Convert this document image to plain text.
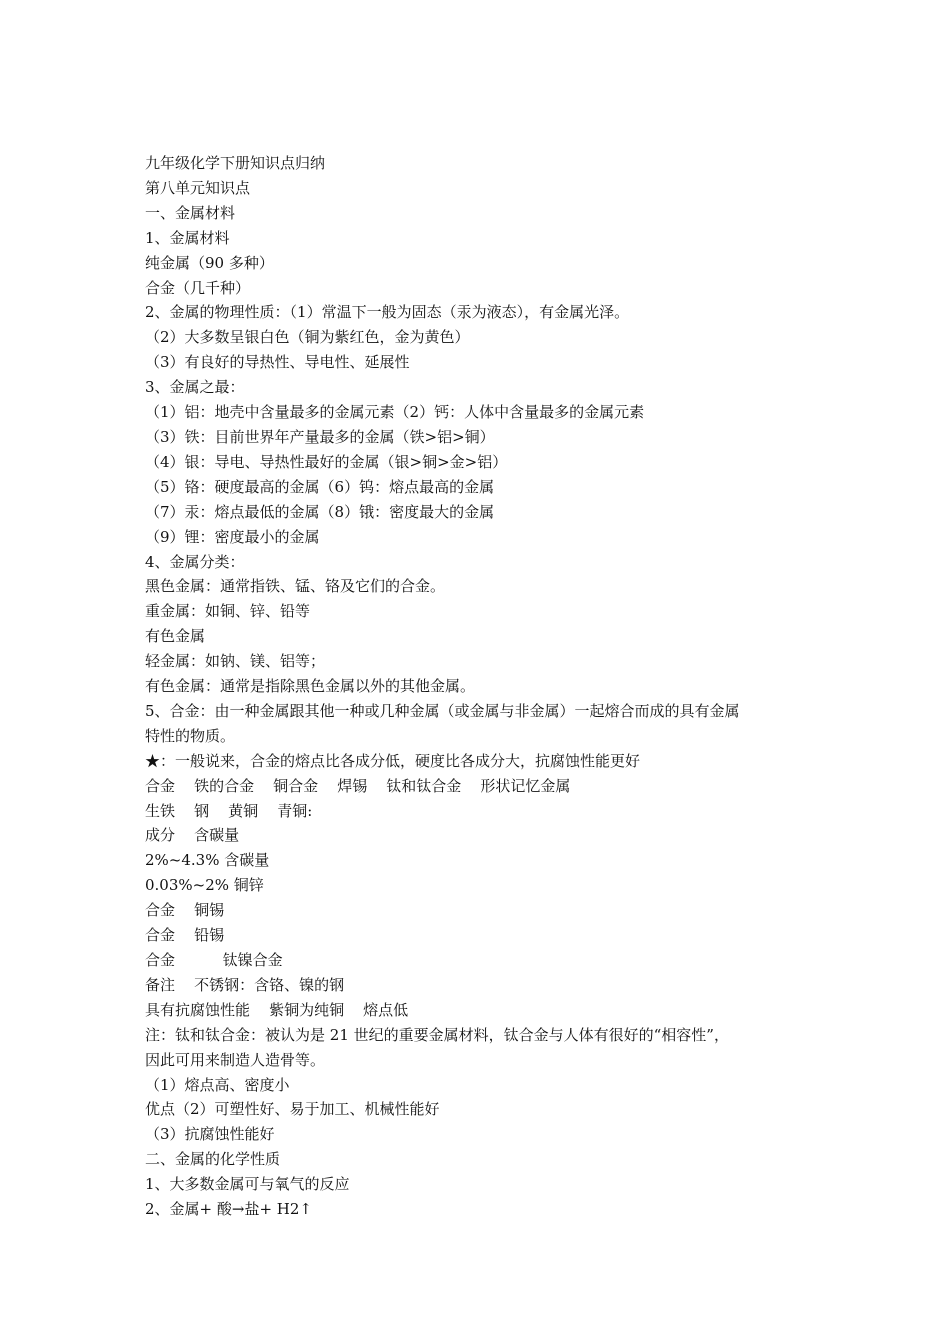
九年级化学下册知识点归纳
第八单元知识点
一、金属材料
1、金属材料
纯金属（90 多种）
合金（几千种）
2、金属的物理性质：（1）常温下一般为固态（汞为液态），有金属光泽。
（2）大多数呈银白色（铜为紫红色，金为黄色）
（3）有良好的导热性、导电性、延展性
3、金属之最：
（1）铝：地壳中含量最多的金属元素（2）钙：人体中含量最多的金属元素
（3）铁：目前世界年产量最多的金属（铁>铝>铜）
（4）银：导电、导热性最好的金属（银>铜>金>铝）
（5）铬：硬度最高的金属（6）钨：熔点最高的金属
（7）汞：熔点最低的金属（8）锇：密度最大的金属
（9）锂：密度最小的金属
4、金属分类：
黑色金属：通常指铁、锰、铬及它们的合金。
重金属：如铜、锌、铅等
有色金属
轻金属：如钠、镁、铝等；
有色金属：通常是指除黑色金属以外的其他金属。
5、合金：由一种金属跟其他一种或几种金属（或金属与非金属）一起熔合而成的具有金属
特性的物质。
★：一般说来，合金的熔点比各成分低，硬度比各成分大，抗腐蚀性能更好
合金    铁的合金    铜合金    焊锡    钛和钛合金    形状记忆金属
生铁    钢    黄铜    青铜:
成分    含碳量
2%~4.3% 含碳量
0.03%~2% 铜锌
合金    铜锡
合金    铅锡
合金          钛镍合金
备注    不锈钢：含铬、镍的钢
具有抗腐蚀性能    紫铜为纯铜    熔点低
注：钛和钛合金：被认为是 21 世纪的重要金属材料，钛合金与人体有很好的“相容性”，
因此可用来制造人造骨等。
（1）熔点高、密度小
优点（2）可塑性好、易于加工、机械性能好
（3）抗腐蚀性能好
二、金属的化学性质
1、大多数金属可与氧气的反应
2、金属+ 酸→盐+ H2↑
